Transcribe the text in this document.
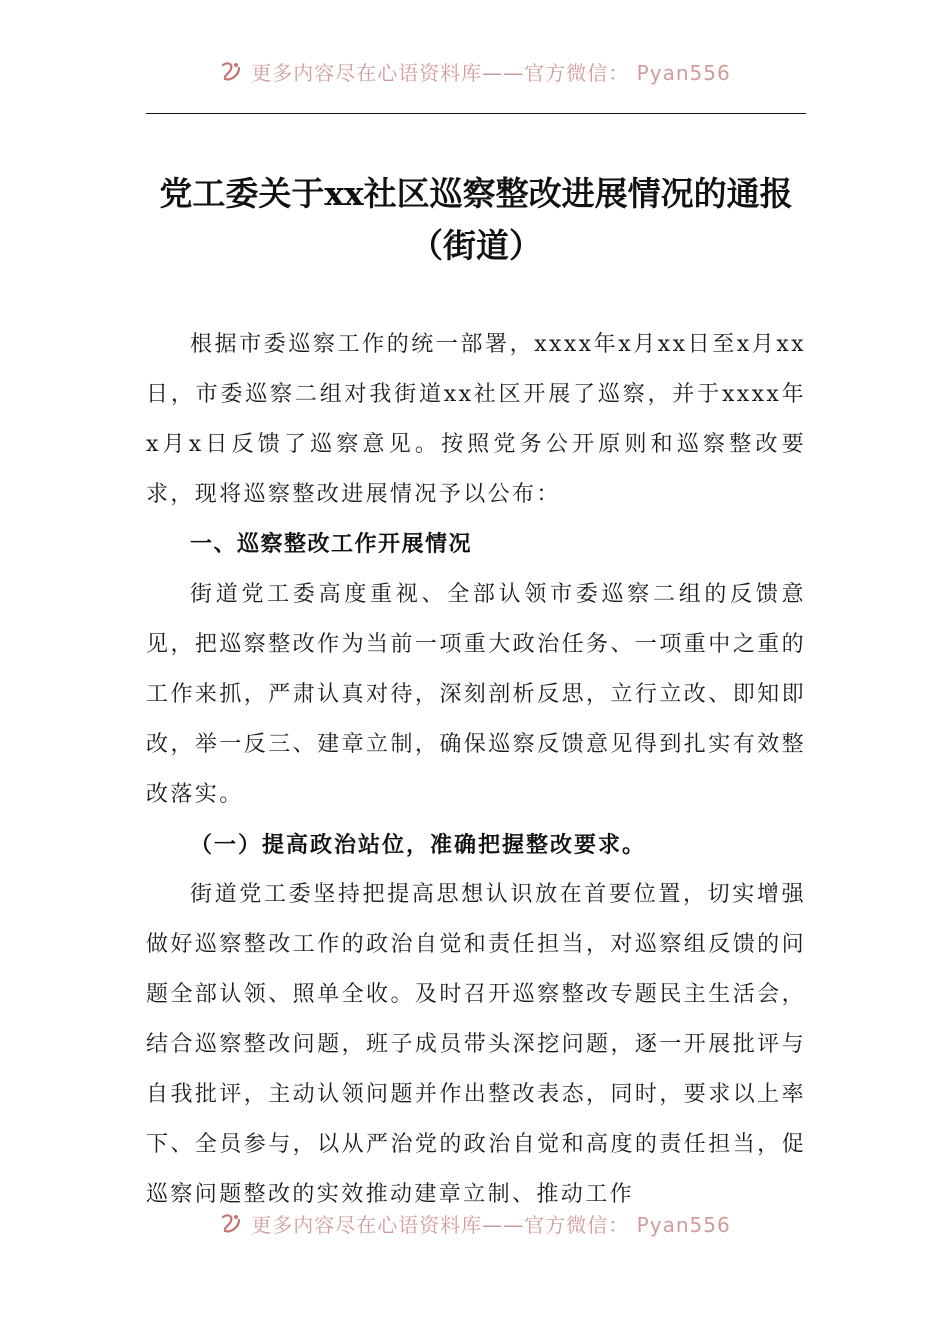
更多内容尽在心语资料库——官方微信： Pyan556
党工委关于xx社区巡察整改进展情况的通报（街道）

根据市委巡察工作的统一部署，xxxx年x月xx日至x月xx日，市委巡察二组对我街道xx社区开展了巡察，并于xxxx年x月x日反馈了巡察意见。按照党务公开原则和巡察整改要求，现将巡察整改进展情况予以公布：

一、巡察整改工作开展情况

街道党工委高度重视、全部认领市委巡察二组的反馈意见，把巡察整改作为当前一项重大政治任务、一项重中之重的工作来抓，严肃认真对待，深刻剖析反思，立行立改、即知即改，举一反三、建章立制，确保巡察反馈意见得到扎实有效整改落实。

（一）提高政治站位，准确把握整改要求。

街道党工委坚持把提高思想认识放在首要位置，切实增强做好巡察整改工作的政治自觉和责任担当，对巡察组反馈的问题全部认领、照单全收。及时召开巡察整改专题民主生活会，结合巡察整改问题，班子成员带头深挖问题，逐一开展批评与自我批评，主动认领问题并作出整改表态，同时，要求以上率下、全员参与，以从严治党的政治自觉和高度的责任担当，促巡察问题整改的实效推动建章立制、推动工作

更多内容尽在心语资料库——官方微信： Pyan556
